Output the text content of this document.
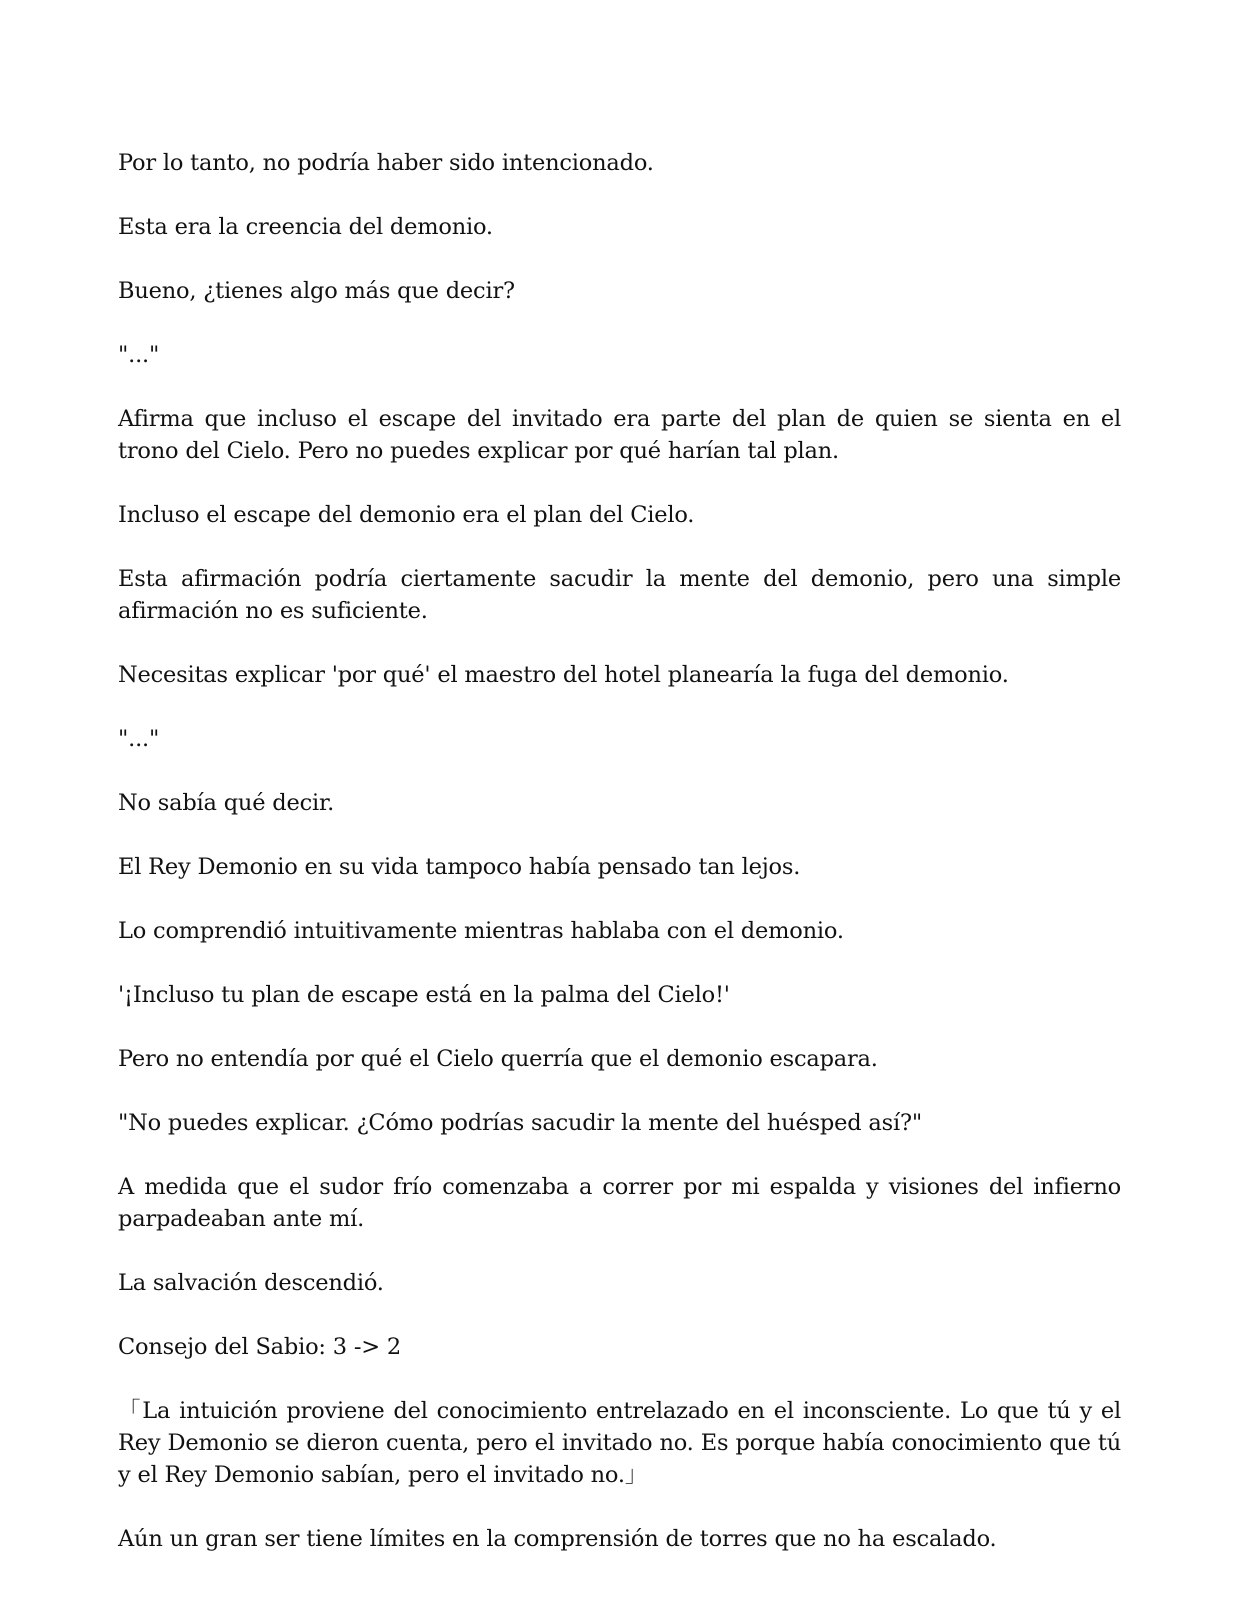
Por lo tanto, no podría haber sido intencionado.

Esta era la creencia del demonio.

Bueno, ¿tienes algo más que decir?

"..."

Afirma que incluso el escape del invitado era parte del plan de quien se sienta en el trono del Cielo. Pero no puedes explicar por qué harían tal plan.

Incluso el escape del demonio era el plan del Cielo.

Esta afirmación podría ciertamente sacudir la mente del demonio, pero una simple afirmación no es suficiente.

Necesitas explicar 'por qué' el maestro del hotel planearía la fuga del demonio.

"..."

No sabía qué decir.

El Rey Demonio en su vida tampoco había pensado tan lejos.

Lo comprendió intuitivamente mientras hablaba con el demonio.

'¡Incluso tu plan de escape está en la palma del Cielo!'

Pero no entendía por qué el Cielo querría que el demonio escapara.

"No puedes explicar. ¿Cómo podrías sacudir la mente del huésped así?"

A medida que el sudor frío comenzaba a correr por mi espalda y visiones del infierno parpadeaban ante mí.

La salvación descendió.

Consejo del Sabio: 3 -> 2

「La intuición proviene del conocimiento entrelazado en el inconsciente. Lo que tú y el Rey Demonio se dieron cuenta, pero el invitado no. Es porque había conocimiento que tú y el Rey Demonio sabían, pero el invitado no.」

Aún un gran ser tiene límites en la comprensión de torres que no ha escalado.
